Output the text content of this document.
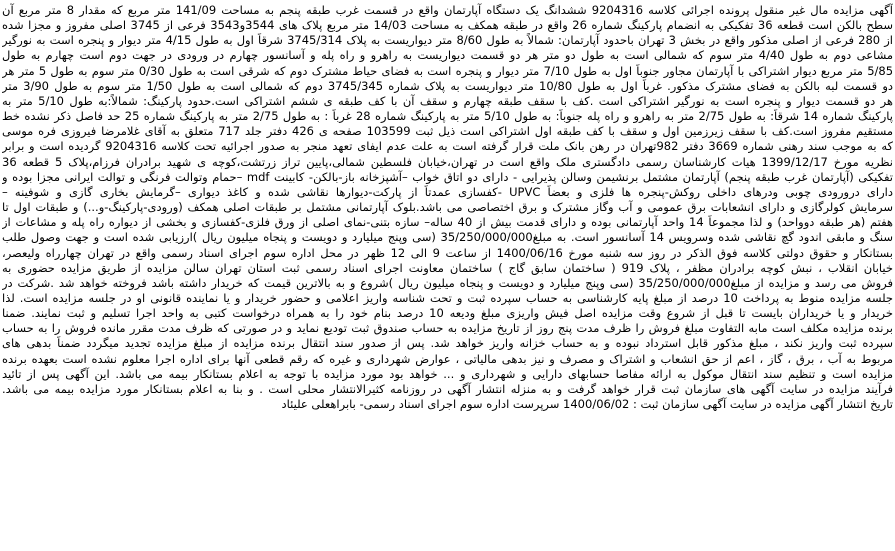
آگهی مزایده مال غیر منقول پرونده اجرائی کلاسه 9204316 ششدانگ یک دستگاه آپارتمان واقع در قسمت غرب طبقه پنجم به مساحت 141/09 متر مربع که مقدار 8 متر مربع آن
سطح بالکن است قطعه 36 تفکیکی به انضمام پارکینگ شماره 26 واقع در طبقه همکف به مساحت 14/03 متر مربع پلاک های 3544و3543 فرعی از 3745 اصلی مفروز و مجزا شده
از 280 فرعی از اصلی مذکور واقع در بخش 3 تهران باحدود آپارتمان: شمالاً به طول 8/60 متر دیواریست به پلاک 3745/314 شرقاً اول به طول 4/15 متر دیوار و پنجره است به نورگیر
مشاعی دوم به طول 4/40 متر سوم که شمالی است به طول دو متر هر دو قسمت دیواریست به راهرو و راه پله و آسانسور چهارم در ورودی در جهت دوم است چهارم به طول
5/85 متر مربع دیوار اشتراکی با آپارتمان مجاور جنوباً اول به طول 7/10 متر دیوار و پنجره است به فضای حیاط مشترک دوم که شرقی است به طول 0/30 متر سوم به طول 5 متر هر
دو قسمت لبه بالکن به فضای مشترک مذکور. غرباً اول به طول 10/80 متر دیواریست به پلاک شماره 3745/345 دوم که شمالی است به طول 1/50 متر سوم به طول 3/90 متر
هر دو قسمت دیوار و پنجره است به نورگیر اشتراکی است .کف با سقف طبقه چهارم و سقف آن با کف طبقه ی ششم اشتراکی است.حدود پارکینگ: شمالاً:به طول 5/10 متر به
پارکینگ شماره 14 شرقاً: به طول 2/75 متر به راهرو و راه پله جنوباً: به طول 5/10 متر به پارکینگ شماره 28 غرباً : به طول 2/75 متر به پارکینگ شماره 25 حد فاصل ذکر نشده خط
مستقیم مفروز است.کف با سقف زیرزمین اول و سقف با کف طبقه اول اشتراکی است ذیل ثبت 103599 صفحه ی 426 دفتر جلد 717 متعلق به آقای غلامرضا فیروزی فره موسی
که به موجب سند رهنی شماره 3669 دفتر 982تهران در رهن بانک ملت قرار گرفته است به علت عدم ایفای تعهد منجر به صدور اجرائیه تحت کلاسه 9204316 گردیده است و برابر
نظریه مورخ 1399/12/17 هیات کارشناسان رسمی دادگستری ملک واقع است در تهران،خیابان فلسطین شمالی،پایین تراز زرتشت،کوچه ی شهید برادران فرزام،پلاک 5 قطعه 36
تفکیکی (آپارتمان غرب طبقه پنجم) آپارتمان مشتمل برنشیمن وسالن پذیرایی - دارای دو اتاق خواب –آشپزخانه باز-بالکن- کابینت mdf –حمام وتوالت فرنگی و توالت ایرانی مجزا بوده و
دارای درورودی چوبی ودرهای داخلی روکش-پنجره ها فلزی و بعضاً UPVC -کفسازی عمدتاً از پارکت-دیوارها نقاشی شده و کاغذ دیواری –گرمایش بخاری گازی و شوفینه –
سرمایش کولرگازی و دارای انشعابات برق عمومی و آب وگاز مشترک و برق اختصاصی می باشد.بلوک آپارتمانی مشتمل بر طبقات اصلی همکف (ورودی-پارکینگ-و...) و طبقات اول تا
هفتم (هر طبقه دوواحد) و لذا مجموعاً 14 واحد آپارتمانی بوده و دارای قدمت بیش از 40 ساله– سازه بتنی-نمای اصلی از ورق فلزی-کفسازی و بخشی از دیواره راه پله و مشاعات از
سنگ و مابقی اندود گچ نقاشی شده وسرویس 14 آسانسور است. به مبلغ35/250/000/000 (سی وپنج میلیارد و دویست و پنجاه میلیون ریال )ارزیابی شده است و جهت وصول طلب
بستانکار و حقوق دولتی کلاسه فوق الذکر در روز سه شنبه مورخ 1400/06/16 از ساعت 9 الی 12 ظهر در محل اداره سوم اجرای اسناد رسمی واقع در تهران چهارراه ولیعصر،
خیابان انقلاب ، نبش کوچه برادران مظفر ، پلاک 919 ( ساختمان سابق گاج ) ساختمان معاونت اجرای اسناد رسمی ثبت استان تهران سالن مزایده از طریق مزایده حضوری به
فروش می رسد و مزایده از مبلغ35/250/000/000 (سی وپنج میلیارد و دویست و پنجاه میلیون ریال )شروع و به بالاترین قیمت که خریدار داشته باشد فروخته خواهد شد .شرکت در
جلسه مزایده منوط به پرداخت 10 درصد از مبلغ پایه کارشناسی به حساب سپرده ثبت و تحت شناسه واریز اعلامی و حضور خریدار و یا نماینده قانونی او در جلسه مزایده است. لذا
خریدار و یا خریداران بایست تا قبل از شروع وقت مزایده اصل فیش واریزی مبلغ ودیعه 10 درصد بنام خود را به همراه درخواست کتبی به واحد اجرا تسلیم و ثبت نمایند. ضمنا
برنده مزایده مکلف است مابه التفاوت مبلغ فروش را ظرف مدت پنج روز از تاریخ مزایده به حساب صندوق ثبت تودیع نماید و در صورتی که ظرف مدت مقرر مانده فروش را به حساب
سپرده ثبت واریز نکند ، مبلغ مذکور قابل استرداد نبوده و به حساب خزانه واریز خواهد شد. پس از صدور سند انتقال برنده مزایده از مبلغ مزایده تجدید میگردد ضمناً بدهی های
مربوط به آب ، برق ، گاز ، اعم از حق انشعاب و اشتراک و مصرف و نیز بدهی مالیاتی ، عوارض شهرداری و غیره که رقم قطعی آنها برای اداره اجرا معلوم نشده است بعهده برنده
مزایده است و تنظیم سند انتقال موکول به ارائه مفاصا حسابهای دارایی و شهرداری و ... خواهد بود مورد مزایده با توجه به اعلام بستانکار بیمه می باشد. این آگهی پس از تائید
فرآیند مزایده در سایت آگهی های سازمان ثبت قرار خواهد گرفت و به منزله انتشار آگهی در روزنامه کثیرالانتشار محلی است . و بنا به اعلام بستانکار مورد مزایده بیمه می باشد.
تاریخ انتشار آگهی مزایده در سایت آگهی سازمان ثبت : 1400/06/02 سرپرست اداره سوم اجرای اسناد رسمی- بابراهعلی علیئاد
